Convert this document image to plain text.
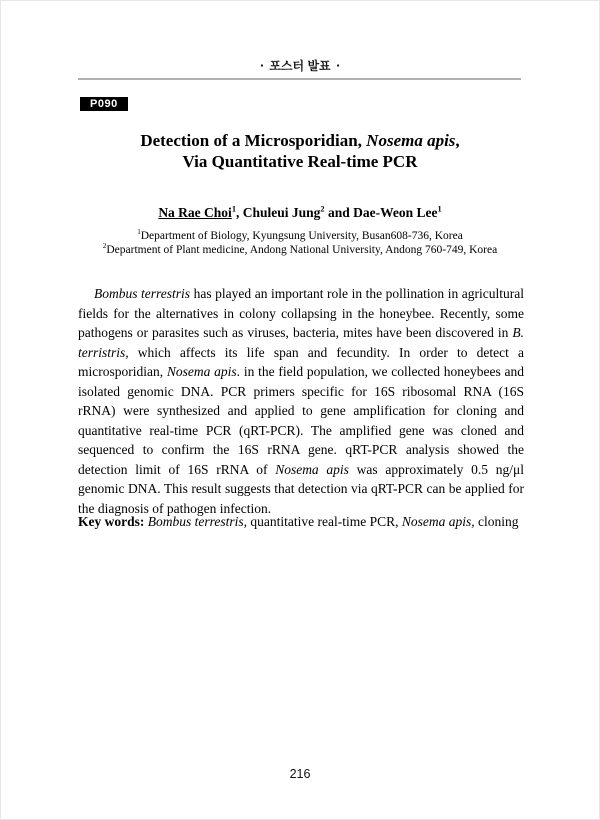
▪ 포스터 발표 ▪
P090
Detection of a Microsporidian, Nosema apis,
Via Quantitative Real-time PCR
Na Rae Choi$^1$, Chuleui Jung$^2$ and Dae-Weon Lee$^1$
$^1$Department of Biology, Kyungsung University, Busan608-736, Korea
$^2$Department of Plant medicine, Andong National University, Andong 760-749, Korea

Bombus terrestris has played an important role in the pollination in agricultural fields for the alternatives in colony collapsing in the honeybee. Recently, some pathogens or parasites such as viruses, bacteria, mites have been discovered in B. terristris, which affects its life span and fecundity. In order to detect a microsporidian, Nosema apis. in the field population, we collected honeybees and isolated genomic DNA. PCR primers specific for 16S ribosomal RNA (16S rRNA) were synthesized and applied to gene amplification for cloning and quantitative real-time PCR (qRT-PCR). The amplified gene was cloned and sequenced to confirm the 16S rRNA gene. qRT-PCR analysis showed the detection limit of 16S rRNA of Nosema apis was approximately 0.5 ng/μl genomic DNA. This result suggests that detection via qRT-PCR can be applied for the diagnosis of pathogen infection.

Key words: Bombus terrestris, quantitative real-time PCR, Nosema apis, cloning

216
